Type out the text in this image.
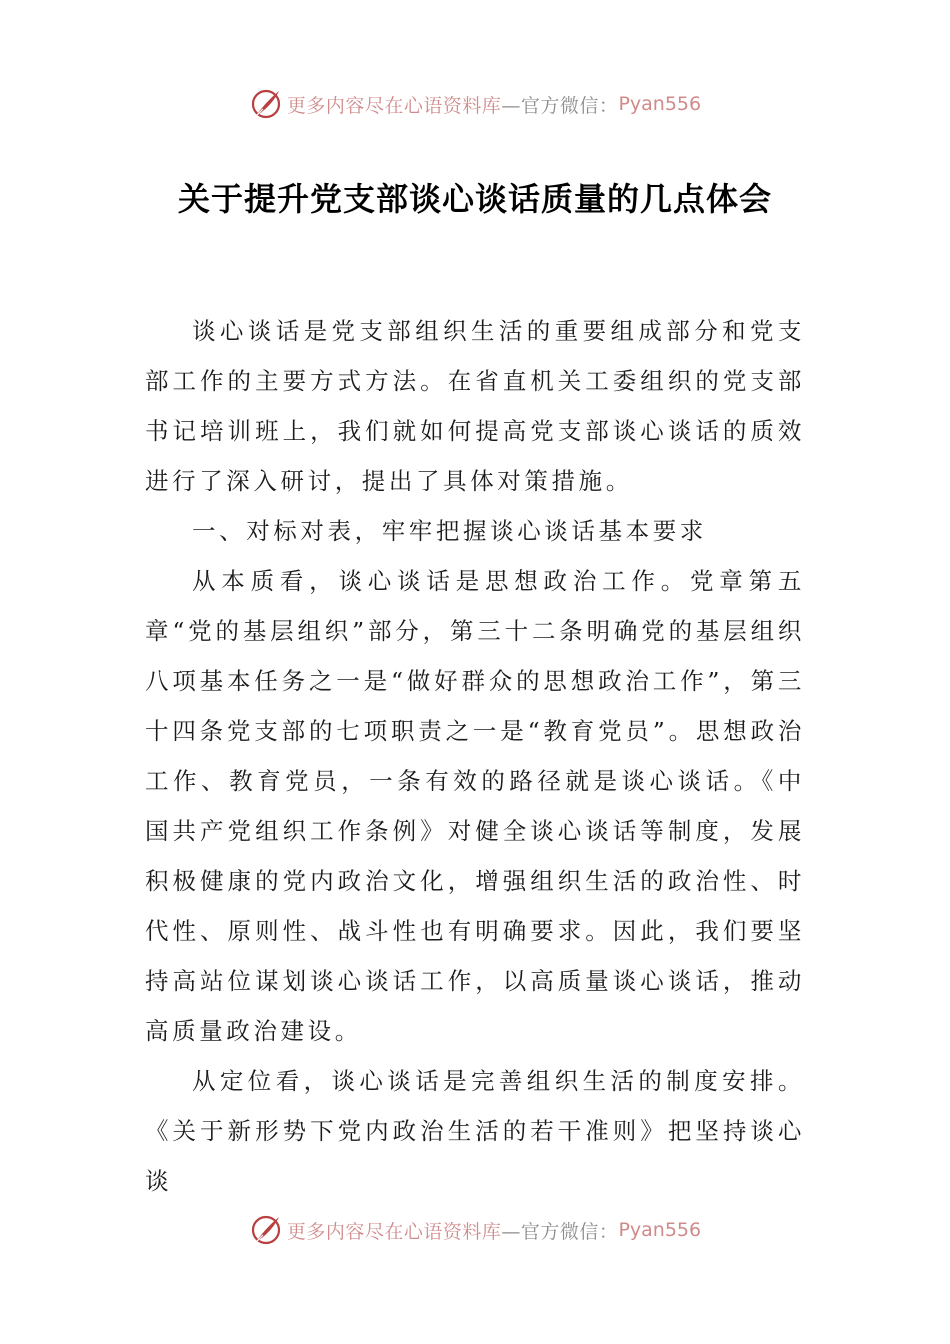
更多内容尽在心语资料库 —官方微信： Pyan556
关于提升党支部谈心谈话质量的几点体会

谈心谈话是党支部组织生活的重要组成部分和党支部工作的主要方式方法。在省直机关工委组织的党支部书记培训班上，我们就如何提高党支部谈心谈话的质效进行了深入研讨，提出了具体对策措施。

一、对标对表，牢牢把握谈心谈话基本要求

从本质看，谈心谈话是思想政治工作。党章第五章“党的基层组织”部分，第三十二条明确党的基层组织八项基本任务之一是“做好群众的思想政治工作”，第三十四条党支部的七项职责之一是“教育党员”。思想政治工作、教育党员，一条有效的路径就是谈心谈话。《中国共产党组织工作条例》对健全谈心谈话等制度，发展积极健康的党内政治文化，增强组织生活的政治性、时代性、原则性、战斗性也有明确要求。因此，我们要坚持高站位谋划谈心谈话工作，以高质量谈心谈话，推动高质量政治建设。

从定位看，谈心谈话是完善组织生活的制度安排。《关于新形势下党内政治生活的若干准则》把坚持谈心谈

更多内容尽在心语资料库 —官方微信： Pyan556
